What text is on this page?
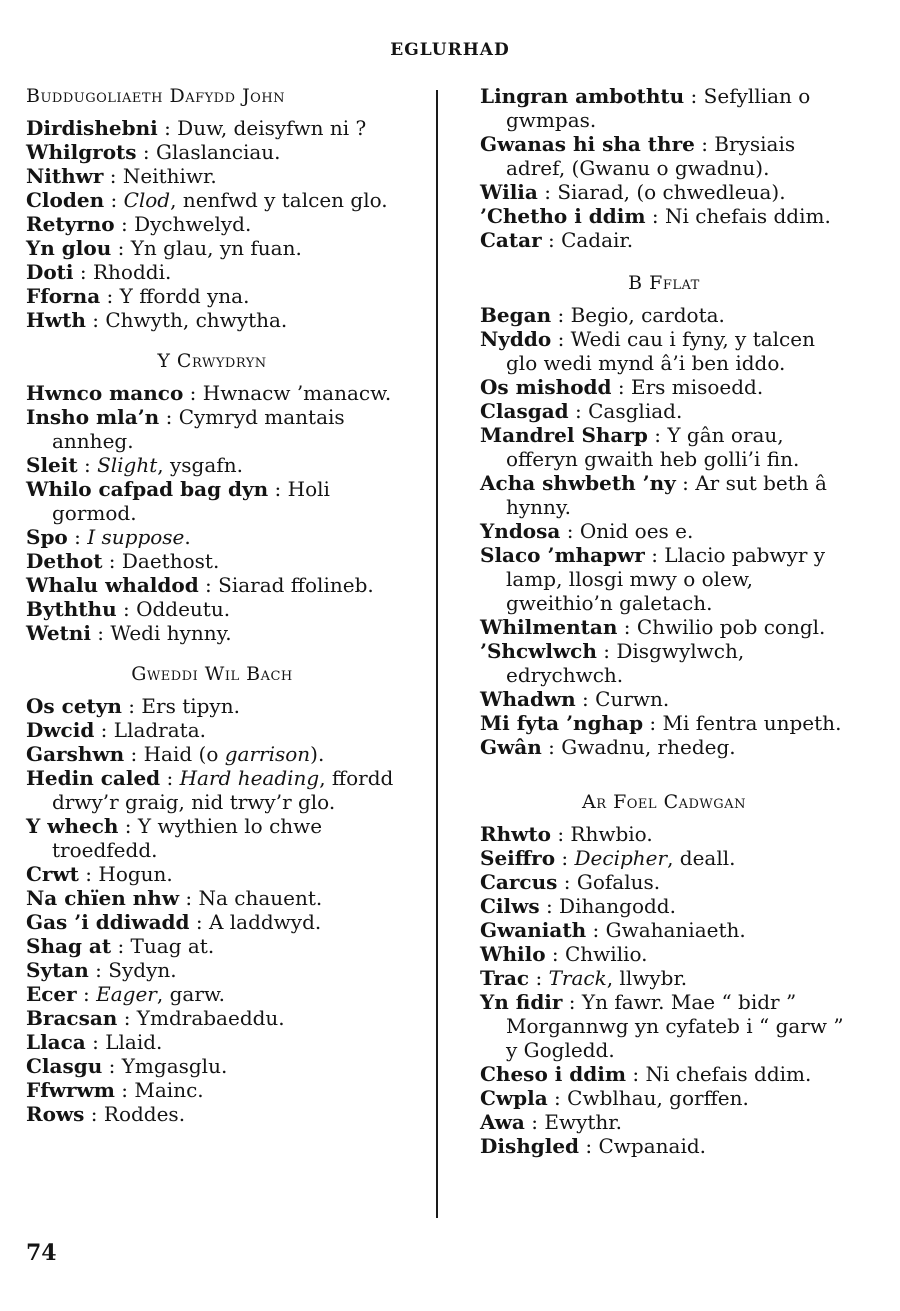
EGLURHAD
Buddugoliaeth Dafydd John
Dirdishebni : Duw, deisyfwn ni ?
Whilgrots : Glaslanciau.
Nithwr : Neithiwr.
Cloden : Clod, nenfwd y talcen glo.
Retyrno : Dychwelyd.
Yn glou : Yn glau, yn fuan.
Doti : Rhoddi.
Fforna : Y ffordd yna.
Hwth : Chwyth, chwytha.
Y Crwydryn
Hwnco manco : Hwnacw ’manacw.
Insho mla’n : Cymryd mantais annheg.
Sleit : Slight, ysgafn.
Whilo cafpad bag dyn : Holi gormod.
Spo : I suppose.
Dethot : Daethost.
Whalu whaldod : Siarad ffolineb.
Byththu : Oddeutu.
Wetni : Wedi hynny.
Gweddi Wil Bach
Os cetyn : Ers tipyn.
Dwcid : Lladrata.
Garshwn : Haid (o garrison).
Hedin caled : Hard heading, ffordd drwy’r graig, nid trwy’r glo.
Y whech : Y wythien lo chwe troedfedd.
Crwt : Hogun.
Na chïen nhw : Na chauent.
Gas ’i ddiwadd : A laddwyd.
Shag at : Tuag at.
Sytan : Sydyn.
Ecer : Eager, garw.
Bracsan : Ymdrabaeddu.
Llaca : Llaid.
Clasgu : Ymgasglu.
Ffwrwm : Mainc.
Rows : Roddes.
Lingran ambothtu : Sefyllian o gwmpas.
Gwanas hi sha thre : Brysiais adref, (Gwanu o gwadnu).
Wilia : Siarad, (o chwedleua).
’Chetho i ddim : Ni chefais ddim.
Catar : Cadair.
B Fflat
Began : Begio, cardota.
Nyddo : Wedi cau i fyny, y talcen glo wedi mynd â’i ben iddo.
Os mishodd : Ers misoedd.
Clasgad : Casgliad.
Mandrel Sharp : Y gân orau, offeryn gwaith heb golli’i fin.
Acha shwbeth ’ny : Ar sut beth â hynny.
Yndosa : Onid oes e.
Slaco ’mhapwr : Llacio pabwyr y lamp, llosgi mwy o olew, gweithio’n galetach.
Whilmentan : Chwilio pob congl.
’Shcwlwch : Disgwylwch, edrychwch.
Whadwn : Curwn.
Mi fyta ’nghap : Mi fentra unpeth.
Gwân : Gwadnu, rhedeg.
Ar Foel Cadwgan
Rhwto : Rhwbio.
Seiffro : Decipher, deall.
Carcus : Gofalus.
Cilws : Dihangodd.
Gwaniath : Gwahaniaeth.
Whilo : Chwilio.
Trac : Track, llwybr.
Yn fidir : Yn fawr. Mae “ bidr ” Morgannwg yn cyfateb i “ garw ” y Gogledd.
Cheso i ddim : Ni chefais ddim.
Cwpla : Cwblhau, gorffen.
Awa : Ewythr.
Dishgled : Cwpanaid.
74
